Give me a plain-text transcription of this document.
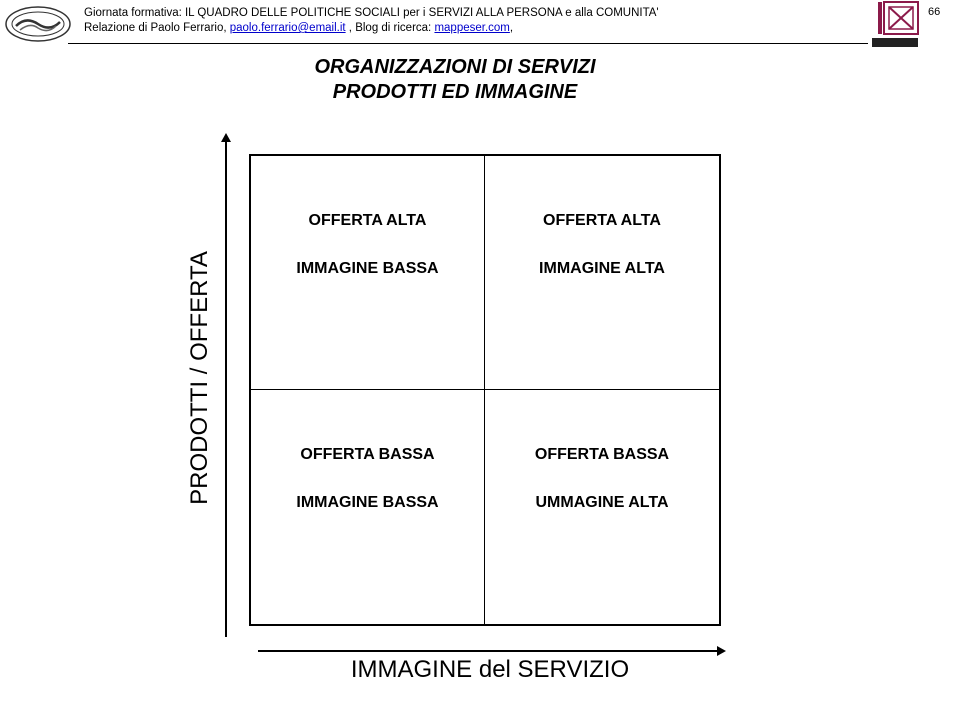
Giornata formativa: IL QUADRO DELLE POLITICHE SOCIALI per i SERVIZI ALLA PERSONA e alla COMUNITA'
Relazione di Paolo Ferrario, paolo.ferrario@email.it , Blog di ricerca: mappeser.com,
66
ORGANIZZAZIONI DI SERVIZI
PRODOTTI ED IMMAGINE
PRODOTTI / OFFERTA
IMMAGINE del SERVIZIO
OFFERTA ALTA
IMMAGINE BASSA
OFFERTA ALTA
IMMAGINE ALTA
OFFERTA BASSA
IMMAGINE BASSA
OFFERTA BASSA
UMMAGINE ALTA
